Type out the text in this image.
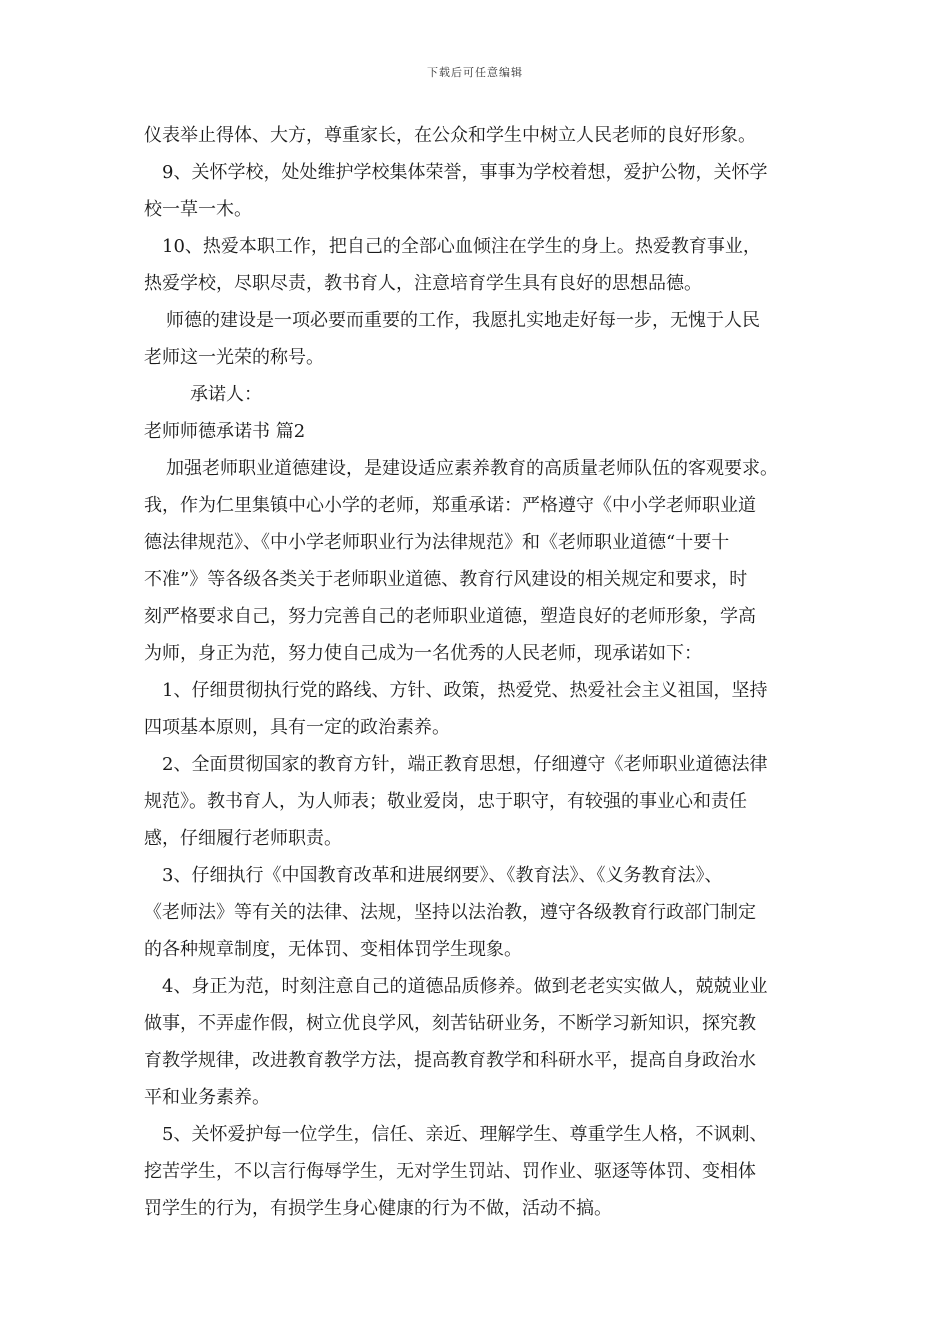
下载后可任意编辑

仪表举止得体、大方，尊重家长，在公众和学生中树立人民老师的良好形象。

9、关怀学校，处处维护学校集体荣誉，事事为学校着想，爱护公物，关怀学

校一草一木。

10、热爱本职工作，把自己的全部心血倾注在学生的身上。热爱教育事业，

热爱学校，尽职尽责，教书育人，注意培育学生具有良好的思想品德。

师德的建设是一项必要而重要的工作，我愿扎实地走好每一步，无愧于人民

老师这一光荣的称号。

承诺人：

老师师德承诺书 篇2

加强老师职业道德建设，是建设适应素养教育的高质量老师队伍的客观要求。

我，作为仁里集镇中心小学的老师，郑重承诺：严格遵守《中小学老师职业道

德法律规范》、《中小学老师职业行为法律规范》和《老师职业道德“十要十

不准”》等各级各类关于老师职业道德、教育行风建设的相关规定和要求，时

刻严格要求自己，努力完善自己的老师职业道德，塑造良好的老师形象，学高

为师，身正为范，努力使自己成为一名优秀的人民老师，现承诺如下：

1、仔细贯彻执行党的路线、方针、政策，热爱党、热爱社会主义祖国，坚持

四项基本原则，具有一定的政治素养。

2、全面贯彻国家的教育方针，端正教育思想，仔细遵守《老师职业道德法律

规范》。教书育人，为人师表；敬业爱岗，忠于职守，有较强的事业心和责任

感，仔细履行老师职责。

3、仔细执行《中国教育改革和进展纲要》、《教育法》、《义务教育法》、

《老师法》等有关的法律、法规，坚持以法治教，遵守各级教育行政部门制定

的各种规章制度，无体罚、变相体罚学生现象。

4、身正为范，时刻注意自己的道德品质修养。做到老老实实做人，兢兢业业

做事，不弄虚作假，树立优良学风，刻苦钻研业务，不断学习新知识，探究教

育教学规律，改进教育教学方法，提高教育教学和科研水平，提高自身政治水

平和业务素养。

5、关怀爱护每一位学生，信任、亲近、理解学生、尊重学生人格，不讽刺、

挖苦学生，不以言行侮辱学生，无对学生罚站、罚作业、驱逐等体罚、变相体

罚学生的行为，有损学生身心健康的行为不做，活动不搞。
